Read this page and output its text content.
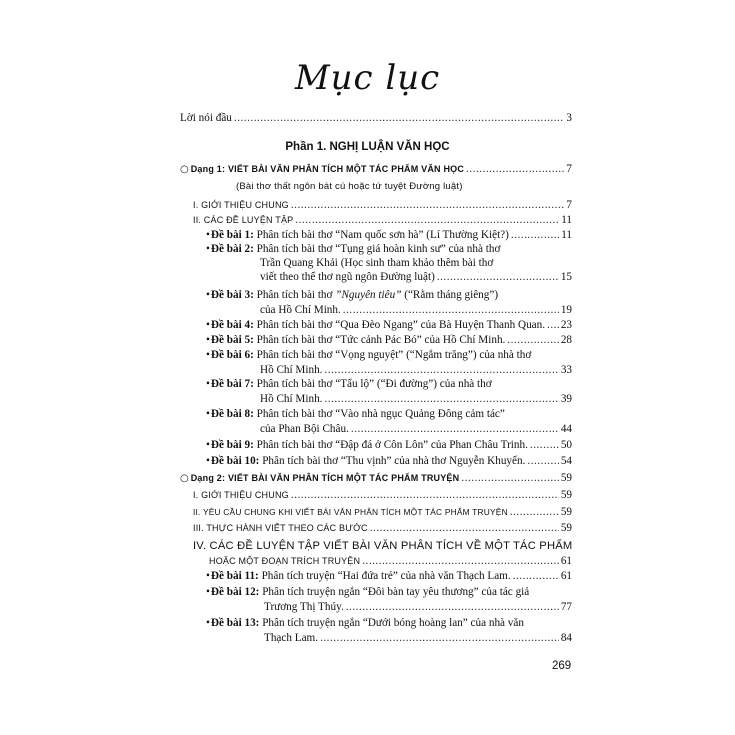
Mục lục
Lời nói đầu .....	3
Phần 1. NGHỊ LUẬN VĂN HỌC
○ Dạng 1: VIẾT BÀI VĂN PHÂN TÍCH MỘT TÁC PHẨM VĂN HỌC .....	7
(Bài thơ thất ngôn bát cú hoặc tứ tuyệt Đường luật)
I. GIỚI THIỆU CHUNG .....	7
II. CÁC ĐỀ LUYỆN TẬP .....	11
•Đề bài 1: Phân tích bài thơ “Nam quốc sơn hà” (Lí Thường Kiệt?) .....	11
•Đề bài 2: Phân tích bài thơ “Tụng giá hoàn kinh sư” của nhà thơ
Trần Quang Khải (Học sinh tham khảo thêm bài thơ
viết theo thể thơ ngũ ngôn Đường luật) .....	15
•Đề bài 3: Phân tích bài thơ ”Nguyên tiêu” (“Rằm tháng giêng”)
của Hồ Chí Minh. .....	19
•Đề bài 4: Phân tích bài thơ “Qua Đèo Ngang” của Bà Huyện Thanh Quan. ..... 23
•Đề bài 5: Phân tích bài thơ “Tức cảnh Pác Bó” của Hồ Chí Minh. .....	28
•Đề bài 6: Phân tích bài thơ “Vọng nguyệt” (“Ngắm trăng”) của nhà thơ
Hồ Chí Minh. .....	33
•Đề bài 7: Phân tích bài thơ “Tẩu lộ” (“Đi đường”) của nhà thơ
Hồ Chí Minh. .....	39
•Đề bài 8: Phân tích bài thơ “Vào nhà ngục Quảng Đông cảm tác”
của Phan Bội Châu. .....	44
•Đề bài 9: Phân tích bài thơ “Đập đá ở Côn Lôn” của Phan Châu Trinh. .....	50
•Đề bài 10: Phân tích bài thơ “Thu vịnh” của nhà thơ Nguyễn Khuyến. .....	54
○ Dạng 2: VIẾT BÀI VĂN PHÂN TÍCH MỘT TÁC PHẨM TRUYỆN .....	59
I. GIỚI THIỆU CHUNG .....	59
II. YÊU CẦU CHUNG KHI VIẾT BÀI VĂN PHÂN TÍCH MỘT TÁC PHẨM TRUYỆN .....	59
III. THỰC HÀNH VIẾT THEO CÁC BƯỚC .....	59
IV. CÁC ĐỀ LUYỆN TẬP VIẾT BÀI VĂN PHÂN TÍCH VỀ MỘT TÁC PHẨM
HOẶC MỘT ĐOẠN TRÍCH TRUYỆN .....	61
•Đề bài 11: Phân tích truyện “Hai đứa trẻ” của nhà văn Thạch Lam. .....	61
•Đề bài 12: Phân tích truyện ngắn “Đôi bàn tay yêu thương” của tác giả
Trương Thị Thúy. .....	77
•Đề bài 13: Phân tích truyện ngắn “Dưới bóng hoàng lan” của nhà văn
Thạch Lam. .....	84
269
